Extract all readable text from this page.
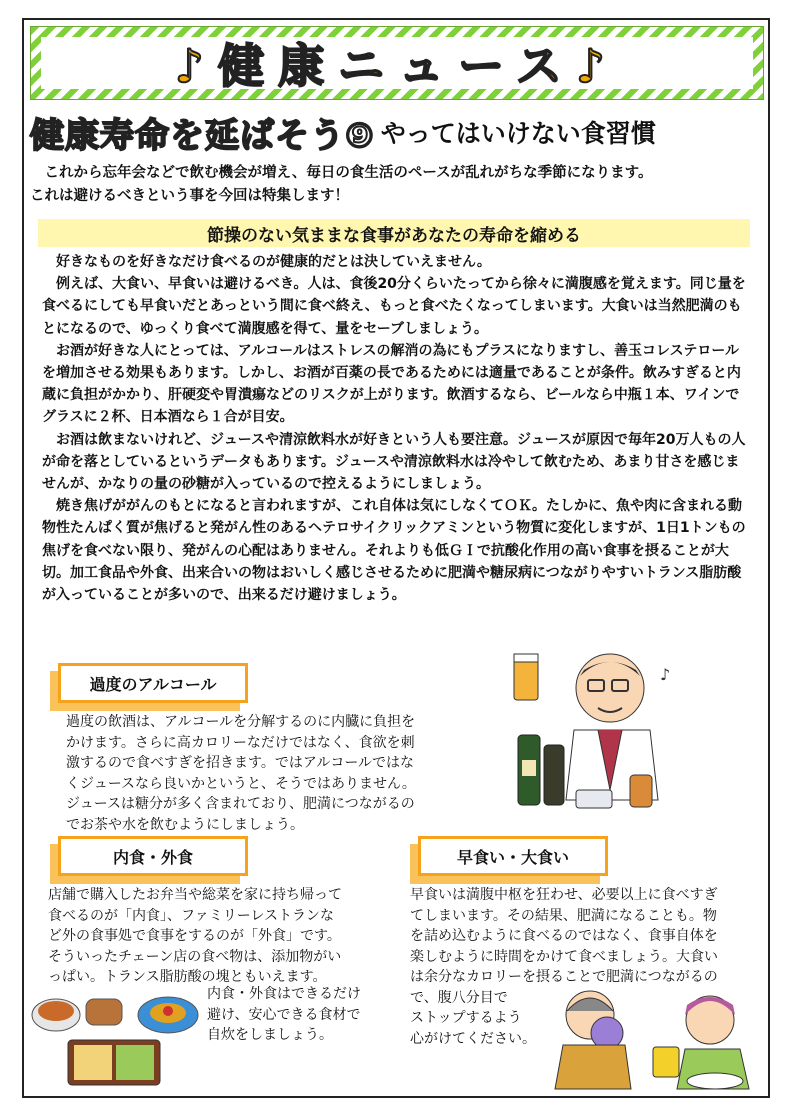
♪健康ニュース♪
健康寿命を延ばそう⑨ やってはいけない食習慣

　これから忘年会などで飲む機会が増え、毎日の食生活のペースが乱れがちな季節になります。

これは避けるべきという事を今回は特集します！

節操のない気ままな食事があなたの寿命を縮める

好きなものを好きなだけ食べるのが健康的だとは決していえません。

例えば、大食い、早食いは避けるべき。人は、食後20分くらいたってから徐々に満腹感を覚えます。同じ量を食べるにしても早食いだとあっという間に食べ終え、もっと食べたくなってしまいます。大食いは当然肥満のもとになるので、ゆっくり食べて満腹感を得て、量をセーブしましょう。

お酒が好きな人にとっては、アルコールはストレスの解消の為にもプラスになりますし、善玉コレステロールを増加させる効果もあります。しかし、お酒が百薬の長であるためには適量であることが条件。飲みすぎると内蔵に負担がかかり、肝硬変や胃潰瘍などのリスクが上がります。飲酒するなら、ビールなら中瓶１本、ワインでグラスに２杯、日本酒なら１合が目安。

お酒は飲まないけれど、ジュースや清涼飲料水が好きという人も要注意。ジュースが原因で毎年20万人もの人が命を落としているというデータもあります。ジュースや清涼飲料水は冷やして飲むため、あまり甘さを感じませんが、かなりの量の砂糖が入っているので控えるようにしましょう。

焼き焦げががんのもとになると言われますが、これ自体は気にしなくてＯＫ。たしかに、魚や肉に含まれる動物性たんぱく質が焦げると発がん性のあるヘテロサイクリックアミンという物質に変化しますが、1日1トンもの焦げを食べない限り、発がんの心配はありません。それよりも低ＧＩで抗酸化作用の高い食事を摂ることが大切。加工食品や外食、出来合いの物はおいしく感じさせるために肥満や糖尿病につながりやすいトランス脂肪酸が入っていることが多いので、出来るだけ避けましょう。

過度のアルコール

過度の飲酒は、アルコールを分解するのに内臓に負担を

かけます。さらに高カロリーなだけではなく、食欲を刺

激するので食べすぎを招きます。ではアルコールではな

くジュースなら良いかというと、そうではありません。

ジュースは糖分が多く含まれており、肥満につながるの

でお茶や水を飲むようにしましょう。

♪
内食・外食

店舗で購入したお弁当や総菜を家に持ち帰って

食べるのが「内食」、ファミリーレストランな

ど外の食事処で食事をするのが「外食」です。

そういったチェーン店の食べ物は、添加物がい

っぱい。トランス脂肪酸の塊ともいえます。

内食・外食はできるだけ

避け、安心できる食材で

自炊をしましょう。

早食い・大食い

早食いは満腹中枢を狂わせ、必要以上に食べすぎ

てしまいます。その結果、肥満になることも。物

を詰め込むように食べるのではなく、食事自体を

楽しむように時間をかけて食べましょう。大食い

は余分なカロリーを摂ることで肥満につながるの

で、腹八分目で

ストップするよう

心がけてください。
